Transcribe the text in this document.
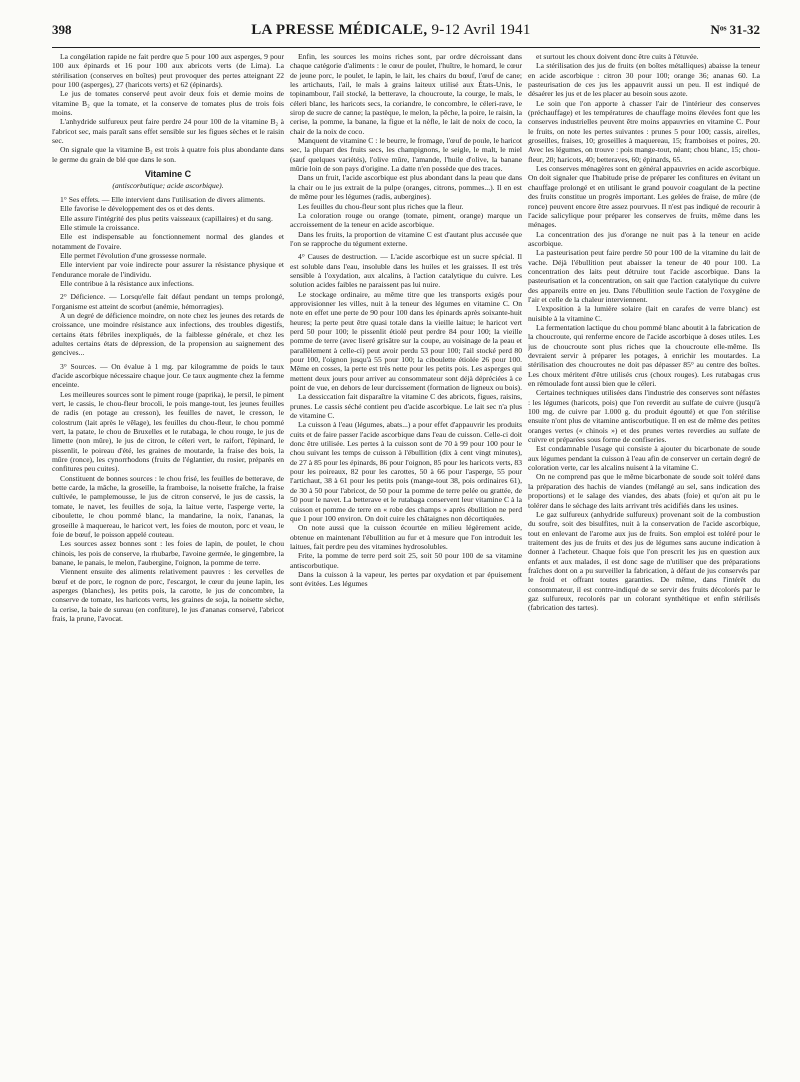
398	LA PRESSE MÉDICALE, 9-12 Avril 1941	Nᵒˢ 31-32

La congélation rapide ne fait perdre que 5 pour 100 aux asperges, 9 pour 100 aux épinards et 16 pour 100 aux abricots verts (de Lima). La stérilisation (conserves en boîtes) peut provoquer des pertes atteignant 22 pour 100 (asperges), 27 (haricots verts) et 62 (épinards).

Le jus de tomates conservé peut avoir deux fois et demie moins de vitamine B₂ que la tomate, et la conserve de tomates plus de trois fois moins.

L'anhydride sulfureux peut faire perdre 24 pour 100 de la vitamine B₂ à l'abricot sec, mais paraît sans effet sensible sur les figues sèches et le raisin sec.

On signale que la vitamine B₂ est trois à quatre fois plus abondante dans le germe du grain de blé que dans le son.

Vitamine C

(antiscorbutique; acide ascorbique).

1° Ses effets. — Elle intervient dans l'utilisation de divers aliments.

Elle favorise le développement des os et des dents.

Elle assure l'intégrité des plus petits vaisseaux (capillaires) et du sang.

Elle stimule la croissance.

Elle est indispensable au fonctionnement normal des glandes et notamment de l'ovaire.

Elle permet l'évolution d'une grossesse normale.

Elle intervient par voie indirecte pour assurer la résistance physique et l'endurance morale de l'individu.

Elle contribue à la résistance aux infections.

2° Déficience. — Lorsqu'elle fait défaut pendant un temps prolongé, l'organisme est atteint de scorbut (anémie, hémorragies).

A un degré de déficience moindre, on note chez les jeunes des retards de croissance, une moindre résistance aux infections, des troubles digestifs, certains états fébriles inexpliqués, de la faiblesse générale, et chez les adultes certains états de dépression, de la propension au saignement des gencives...

3° Sources. — On évalue à 1 mg. par kilogramme de poids le taux d'acide ascorbique nécessaire chaque jour. Ce taux augmente chez la femme enceinte.

Les meilleures sources sont le piment rouge (paprika), le persil, le piment vert, le cassis, le chou-fleur brocoli, le pois mange-tout, les jeunes feuilles de radis (en potage au cresson), les feuilles de navet, le cresson, le colostrum (lait après le vêlage), les feuilles du chou-fleur, le chou pommé vert, la patate, le chou de Bruxelles et le rutabaga, le chou rouge, le jus de limette (non mûre), le jus de citron, le céleri vert, le raifort, l'épinard, le pissenlit, le poireau d'été, les graines de moutarde, la fraise des bois, la mûre (ronce), les cynorrhodons (fruits de l'églantier, du rosier, préparés en confitures peu cuites).

Constituent de bonnes sources : le chou frisé, les feuilles de betterave, de bette carde, la mâche, la groseille, la framboise, la noisette fraîche, la fraise cultivée, le pamplemousse, le jus de citron conservé, le jus de cassis, la tomate, le navet, les feuilles de soja, la laitue verte, l'asperge verte, la ciboulette, le chou pommé blanc, la mandarine, la noix, l'ananas, la groseille à maquereau, le haricot vert, les foies de mouton, porc et veau, le foie de bœuf, le poisson appelé couteau.

Les sources assez bonnes sont : les foies de lapin, de poulet, le chou chinois, les pois de conserve, la rhubarbe, l'avoine germée, le gingembre, la banane, le panais, le melon, l'aubergine, l'oignon, la pomme de terre.

Viennent ensuite des aliments relativement pauvres : les cervelles de bœuf et de porc, le rognon de porc, l'escargot, le cœur du jeune lapin, les asperges (blanches), les petits pois, la carotte, le jus de concombre, la conserve de tomate, les haricots verts, les graines de soja, la noisette sèche, la cerise, la baie de sureau (en confiture), le jus d'ananas conservé, l'abricot frais, la prune, l'avocat.

Enfin, les sources les moins riches sont, par ordre décroissant dans chaque catégorie d'aliments : le cœur de poulet, l'huître, le homard, le cœur de jeune porc, le poulet, le lapin, le lait, les chairs du bœuf, l'œuf de cane; les artichauts, l'ail, le maïs à grains laiteux utilisé aux États-Unis, le topinambour, l'ail stocké, la betterave, la choucroute, la courge, le maïs, le céleri blanc, les haricots secs, la coriandre, le concombre, le céleri-rave, le sirop de sucre de canne; la pastèque, le melon, la pêche, la poire, le raisin, la cerise, la pomme, la banane, la figue et la nèfle, le lait de noix de coco, la chair de la noix de coco.

Manquent de vitamine C : le beurre, le fromage, l'œuf de poule, le haricot sec, la plupart des fruits secs, les champignons, le seigle, le malt, le miel (sauf quelques variétés), l'olive mûre, l'amande, l'huile d'olive, la banane mûrie loin de son pays d'origine. La datte n'en possède que des traces.

Dans un fruit, l'acide ascorbique est plus abondant dans la peau que dans la chair ou le jus extrait de la pulpe (oranges, citrons, pommes...). Il en est de même pour les légumes (radis, aubergines).

Les feuilles du chou-fleur sont plus riches que la fleur.

La coloration rouge ou orange (tomate, piment, orange) marque un accroissement de la teneur en acide ascorbique.

Dans les fruits, la proportion de vitamine C est d'autant plus accusée que l'on se rapproche du tégument externe.

4° Causes de destruction. — L'acide ascorbique est un sucre spécial. Il est soluble dans l'eau, insoluble dans les huiles et les graisses. Il est très sensible à l'oxydation, aux alcalins, à l'action catalytique du cuivre. Les solution acides faibles ne paraissent pas lui nuire.

Le stockage ordinaire, au même titre que les transports exigés pour approvisionner les villes, nuit à la teneur des légumes en vitamine C. On note en effet une perte de 90 pour 100 dans les épinards après soixante-huit heures; la perte peut être quasi totale dans la vieille laitue; le haricot vert perd 50 pour 100; le pissenlit étiolé peut perdre 84 pour 100; la vieille pomme de terre (avec liseré grisâtre sur la coupe, au voisinage de la peau et parallèlement à celle-ci) peut avoir perdu 53 pour 100; l'ail stocké perd 80 pour 100, l'oignon jusqu'à 55 pour 100; la ciboulette étiolée 26 pour 100. Même en cosses, la perte est très nette pour les petits pois. Les asperges qui mettent deux jours pour arriver au consommateur sont déjà dépréciées à ce point de vue, en dehors de leur durcissement (formation de ligneux ou bois).

La dessiccation fait disparaître la vitamine C des abricots, figues, raisins, prunes. Le cassis séché contient peu d'acide ascorbique. Le lait sec n'a plus de vitamine C.

La cuisson à l'eau (légumes, abats...) a pour effet d'appauvrir les produits cuits et de faire passer l'acide ascorbique dans l'eau de cuisson. Celle-ci doit donc être utilisée. Les pertes à la cuisson sont de 70 à 99 pour 100 pour le chou suivant les temps de cuisson à l'ébullition (dix à cent vingt minutes), de 27 à 85 pour les épinards, 86 pour l'oignon, 85 pour les haricots verts, 83 pour les poireaux, 82 pour les carottes, 50 à 66 pour l'asperge, 55 pour l'artichaut, 38 à 61 pour les petits pois (mange-tout 38, pois ordinaires 61), de 30 à 50 pour l'abricot, de 50 pour la pomme de terre pelée ou grattée, de 50 pour le navet. La betterave et le rutabaga conservent leur vitamine C à la cuisson et pomme de terre en « robe des champs » après ébullition ne perd que 1 pour 100 environ. On doit cuire les châtaignes non décortiquées.

On note aussi que la cuisson écourtée en milieu légèrement acide, obtenue en maintenant l'ébullition au fur et à mesure que l'on introduit les laitues, fait perdre peu des vitamines hydrosolubles.

Frite, la pomme de terre perd soit 25, soit 50 pour 100 de sa vitamine antiscorbutique.

Dans la cuisson à la vapeur, les pertes par oxydation et par épuisement sont évitées. Les légumes

et surtout les choux doivent donc être cuits à l'étuvée.

La stérilisation des jus de fruits (en boîtes métalliques) abaisse la teneur en acide ascorbique : citron 30 pour 100; orange 36; ananas 60. La pasteurisation de ces jus les appauvrit aussi un peu. Il est indiqué de désaérer les jus et de les placer au besoin sous azote.

Le soin que l'on apporte à chasser l'air de l'intérieur des conserves (préchauffage) et les températures de chauffage moins élevées font que les conserves industrielles peuvent être moins appauvries en vitamine C. Pour le fruits, on note les pertes suivantes : prunes 5 pour 100; cassis, airelles, groseilles, fraises, 10; groseilles à maquereau, 15; framboises et poires, 20. Avec les légumes, on trouve : pois mange-tout, néant; chou blanc, 15; chou-fleur, 20; haricots, 40; betteraves, 60; épinards, 65.

Les conserves ménagères sont en général appauvries en acide ascorbique. On doit signaler que l'habitude prise de préparer les confitures en évitant un chauffage prolongé et en utilisant le grand pouvoir coagulant de la pectine des fruits constitue un progrès important. Les gelées de fraise, de mûre (de ronce) peuvent encore être assez pourvues. Il n'est pas indiqué de recourir à l'acide salicylique pour préparer les conserves de fruits, même dans les ménages.

La concentration des jus d'orange ne nuit pas à la teneur en acide ascorbique.

La pasteurisation peut faire perdre 50 pour 100 de la vitamine du lait de vache. Déjà l'ébullition peut abaisser la teneur de 40 pour 100. La concentration des laits peut détruire tout l'acide ascorbique. Dans la pasteurisation et la concentration, on sait que l'action catalytique du cuivre des appareils entre en jeu. Dans l'ébullition seule l'action de l'oxygène de l'air et celle de la chaleur interviennent.

L'exposition à la lumière solaire (lait en carafes de verre blanc) est nuisible à la vitamine C.

La fermentation lactique du chou pommé blanc aboutit à la fabrication de la choucroute, qui renferme encore de l'acide ascorbique à doses utiles. Les jus de choucroute sont plus riches que la choucroute elle-même. Ils devraient servir à préparer les potages, à enrichir les moutardes. La stérilisation des choucroutes ne doit pas dépasser 85° au centre des boîtes. Les choux méritent d'être utilisés crus (choux rouges). Les rutabagas crus en rémoulade font aussi bien que le céleri.

Certaines techniques utilisées dans l'industrie des conserves sont néfastes : les légumes (haricots, pois) que l'on reverdit au sulfate de cuivre (jusqu'à 100 mg. de cuivre par 1.000 g. du produit égoutté) et que l'on stérilise ensuite n'ont plus de vitamine antiscorbutique. Il en est de même des petites oranges vertes (« chinois ») et des prunes vertes reverdies au sulfate de cuivre et préparées sous forme de confiseries.

Est condamnable l'usage qui consiste à ajouter du bicarbonate de soude aux légumes pendant la cuisson à l'eau afin de conserver un certain degré de coloration verte, car les alcalins nuisent à la vitamine C.

On ne comprend pas que le même bicarbonate de soude soit toléré dans la préparation des hachis de viandes (mélangé au sel, sans indication des proportions) et le salage des viandes, des abats (foie) et qu'on ait pu le tolérer dans le séchage des laits arrivant très acidifiés dans les usines.

Le gaz sulfureux (anhydride sulfureux) provenant soit de la combustion du soufre, soit des bisulfites, nuit à la conservation de l'acide ascorbique, tout en enlevant de l'arome aux jus de fruits. Son emploi est toléré pour le traitement des jus de fruits et des jus de légumes sans aucune indication à donner à l'acheteur. Chaque fois que l'on prescrit les jus en question aux enfants et aux malades, il est donc sage de n'utiliser que des préparations fraîches dont on a pu surveiller la fabrication, à défaut de jus conservés par le froid et offrant toutes garanties. De même, dans l'intérêt du consommateur, il est contre-indiqué de se servir des fruits décolorés par le gaz sulfureux, recolorés par un colorant synthétique et enfin stérilisés (fabrication des tartes).
